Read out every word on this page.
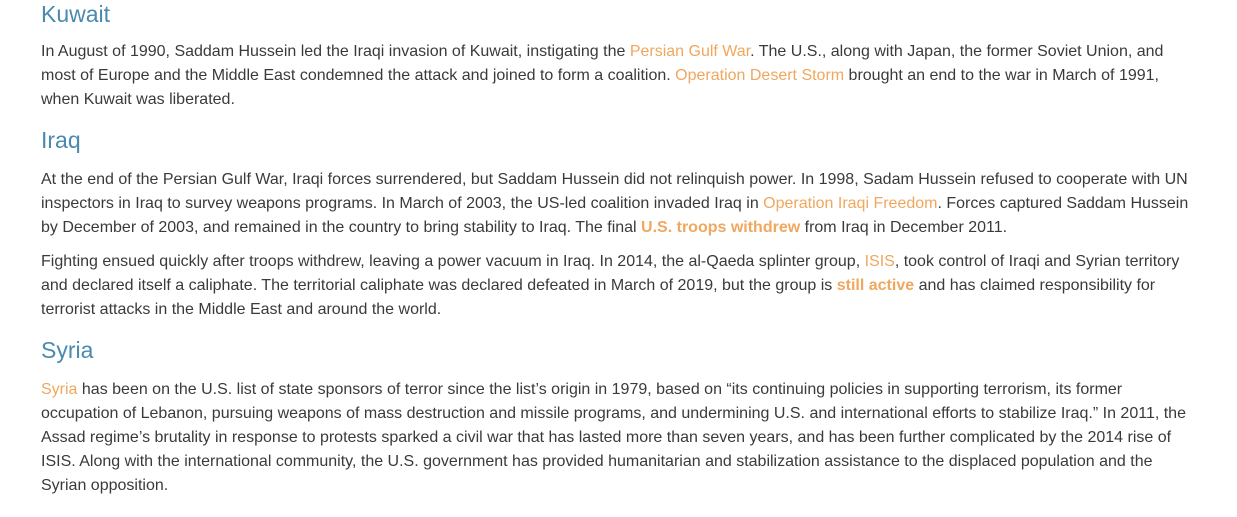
Kuwait

In August of 1990, Saddam Hussein led the Iraqi invasion of Kuwait, instigating the Persian Gulf War. The U.S., along with Japan, the former Soviet Union, and most of Europe and the Middle East condemned the attack and joined to form a coalition. Operation Desert Storm brought an end to the war in March of 1991, when Kuwait was liberated.

Iraq

At the end of the Persian Gulf War, Iraqi forces surrendered, but Saddam Hussein did not relinquish power. In 1998, Sadam Hussein refused to cooperate with UN inspectors in Iraq to survey weapons programs. In March of 2003, the US-led coalition invaded Iraq in Operation Iraqi Freedom. Forces captured Saddam Hussein by December of 2003, and remained in the country to bring stability to Iraq. The final U.S. troops withdrew from Iraq in December 2011.

Fighting ensued quickly after troops withdrew, leaving a power vacuum in Iraq. In 2014, the al-Qaeda splinter group, ISIS, took control of Iraqi and Syrian territory and declared itself a caliphate. The territorial caliphate was declared defeated in March of 2019, but the group is still active and has claimed responsibility for terrorist attacks in the Middle East and around the world.

Syria

Syria has been on the U.S. list of state sponsors of terror since the list’s origin in 1979, based on “its continuing policies in supporting terrorism, its former occupation of Lebanon, pursuing weapons of mass destruction and missile programs, and undermining U.S. and international efforts to stabilize Iraq.” In 2011, the Assad regime’s brutality in response to protests sparked a civil war that has lasted more than seven years, and has been further complicated by the 2014 rise of ISIS. Along with the international community, the U.S. government has provided humanitarian and stabilization assistance to the displaced population and the Syrian opposition.
